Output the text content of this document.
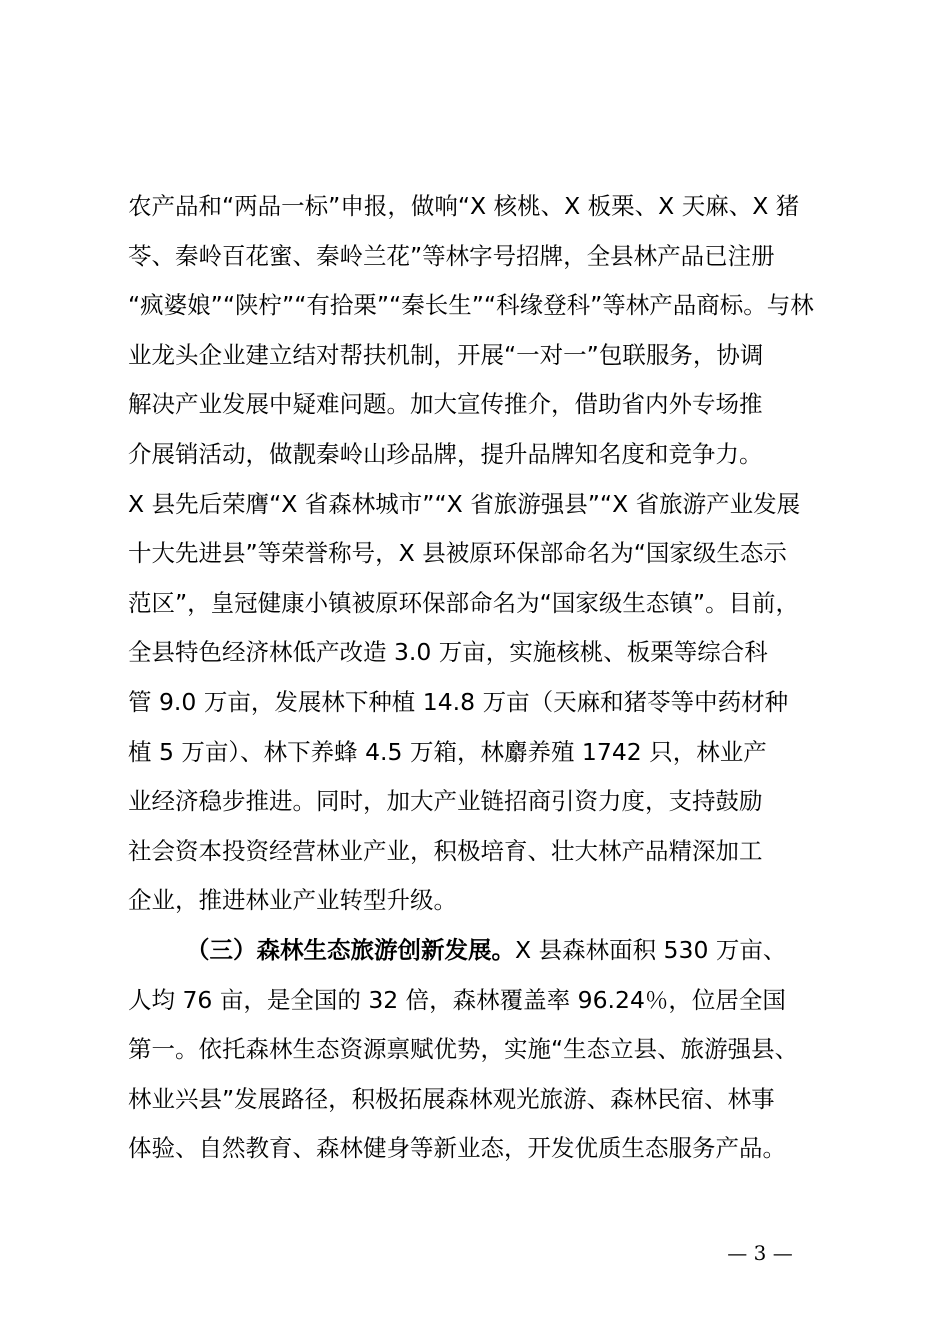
农产品和“两品一标”申报，做响“X 核桃、X 板栗、X 天麻、X 猪
苓、秦岭百花蜜、秦岭兰花”等林字号招牌，全县林产品已注册
“疯婆娘”“陕柠”“有拾栗”“秦长生”“科缘登科”等林产品商标。与林
业龙头企业建立结对帮扶机制，开展“一对一”包联服务，协调
解决产业发展中疑难问题。加大宣传推介，借助省内外专场推
介展销活动，做靓秦岭山珍品牌，提升品牌知名度和竞争力。
X 县先后荣膺“X 省森林城市”“X 省旅游强县”“X 省旅游产业发展
十大先进县”等荣誉称号，X 县被原环保部命名为“国家级生态示
范区”，皇冠健康小镇被原环保部命名为“国家级生态镇”。目前，
全县特色经济林低产改造 3.0 万亩，实施核桃、板栗等综合科
管 9.0 万亩，发展林下种植 14.8 万亩（天麻和猪苓等中药材种
植 5 万亩）、林下养蜂 4.5 万箱，林麝养殖 1742 只，林业产
业经济稳步推进。同时，加大产业链招商引资力度，支持鼓励
社会资本投资经营林业产业，积极培育、壮大林产品精深加工
企业，推进林业产业转型升级。
（三）森林生态旅游创新发展。X 县森林面积 530 万亩、
人均 76 亩，是全国的 32 倍，森林覆盖率 96.24％，位居全国
第一。依托森林生态资源禀赋优势，实施“生态立县、旅游强县、
林业兴县”发展路径，积极拓展森林观光旅游、森林民宿、林事
体验、自然教育、森林健身等新业态，开发优质生态服务产品。
— 3 —
